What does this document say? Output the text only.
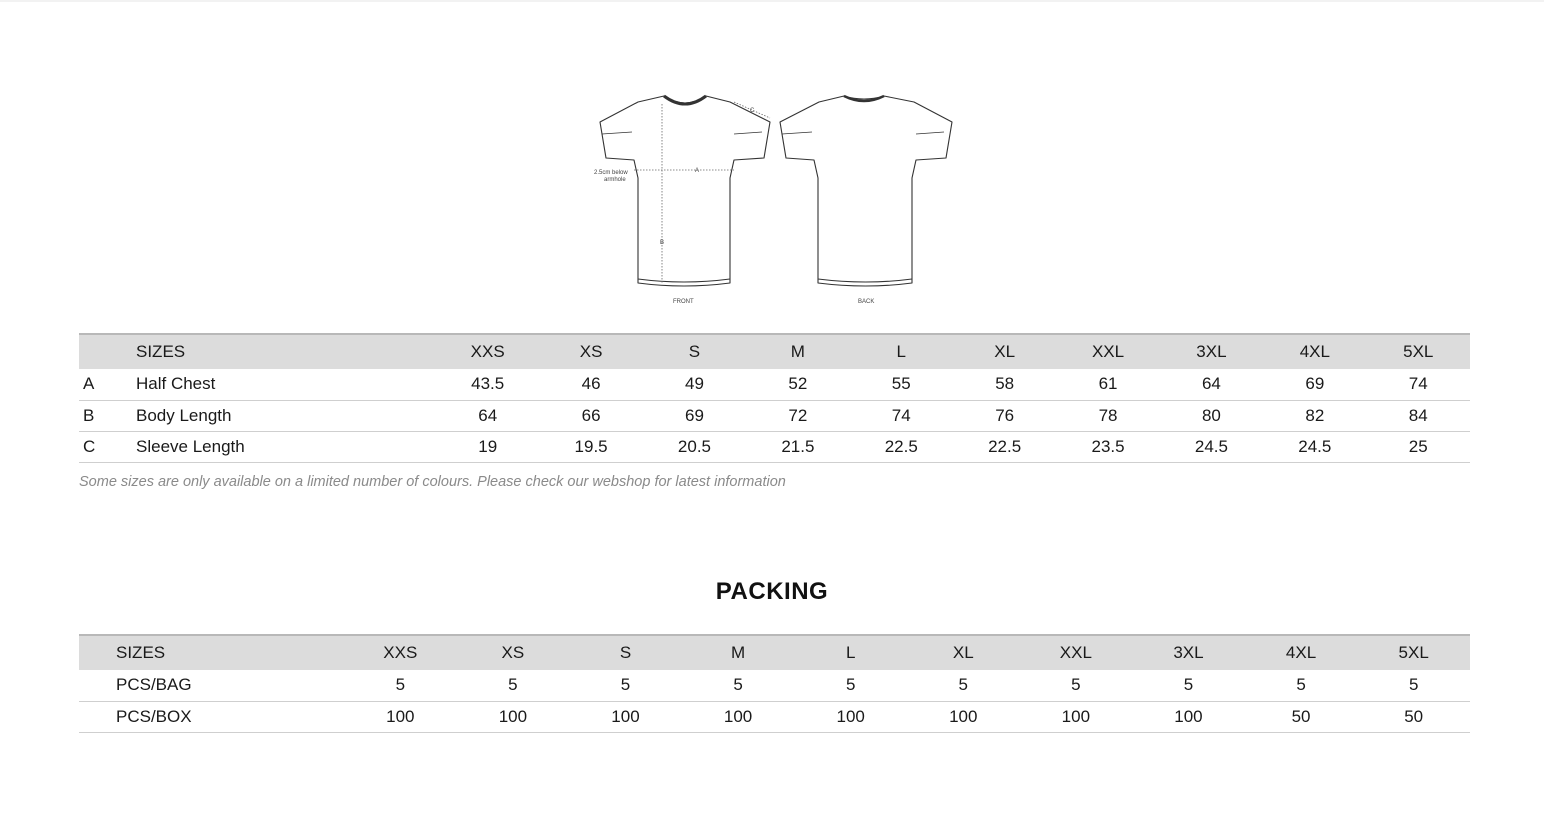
2.5cm below
armhole
A
B
C
FRONT	BACK
	SIZES	XXS	XS	S	M	L	XL	XXL	3XL	4XL	5XL
A	Half Chest	43.5	46	49	52	55	58	61	64	69	74
B	Body Length	64	66	69	72	74	76	78	80	82	84
C	Sleeve Length	19	19.5	20.5	21.5	22.5	22.5	23.5	24.5	24.5	25
Some sizes are only available on a limited number of colours. Please check our webshop for latest information
PACKING
SIZES	XXS	XS	S	M	L	XL	XXL	3XL	4XL	5XL
PCS/BAG	5	5	5	5	5	5	5	5	5	5
PCS/BOX	100	100	100	100	100	100	100	100	50	50
